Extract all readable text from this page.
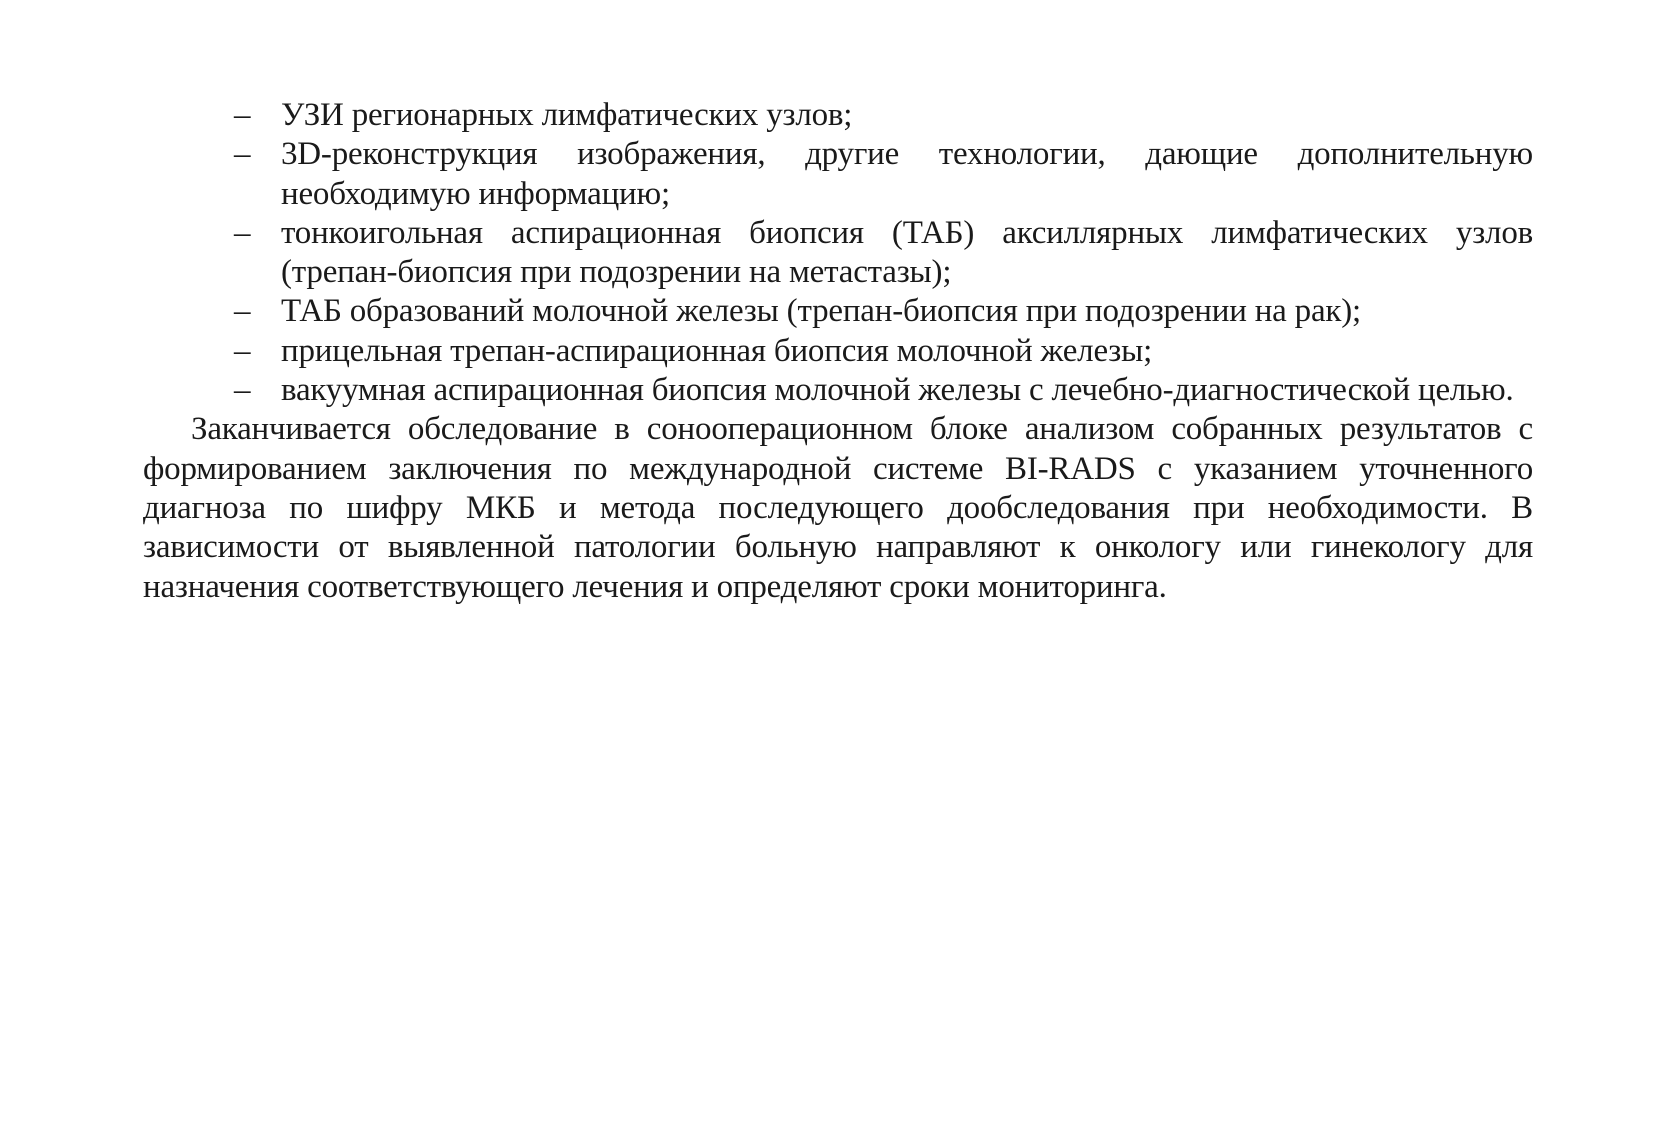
– УЗИ регионарных лимфатических узлов;
– 3D-реконструкция изображения, другие технологии, дающие дополнительную необходимую информацию;
– тонкоигольная аспирационная биопсия (ТАБ) аксиллярных лимфатических узлов (трепан-биопсия при подозрении на метастазы);
– ТАБ образований молочной железы (трепан-биопсия при подозрении на рак);
– прицельная трепан-аспирационная биопсия молочной железы;
– вакуумная аспирационная биопсия молочной железы с лечебно-диагностической целью.

Заканчивается обследование в сонооперационном блоке анализом собранных результатов с формированием заключения по международной системе BI-RADS с указанием уточненного диагноза по шифру МКБ и метода последующего дообследования при необходимости. В зависимости от выявленной патологии больную направляют к онкологу или гинекологу для назначения соответствующего лечения и определяют сроки мониторинга.
